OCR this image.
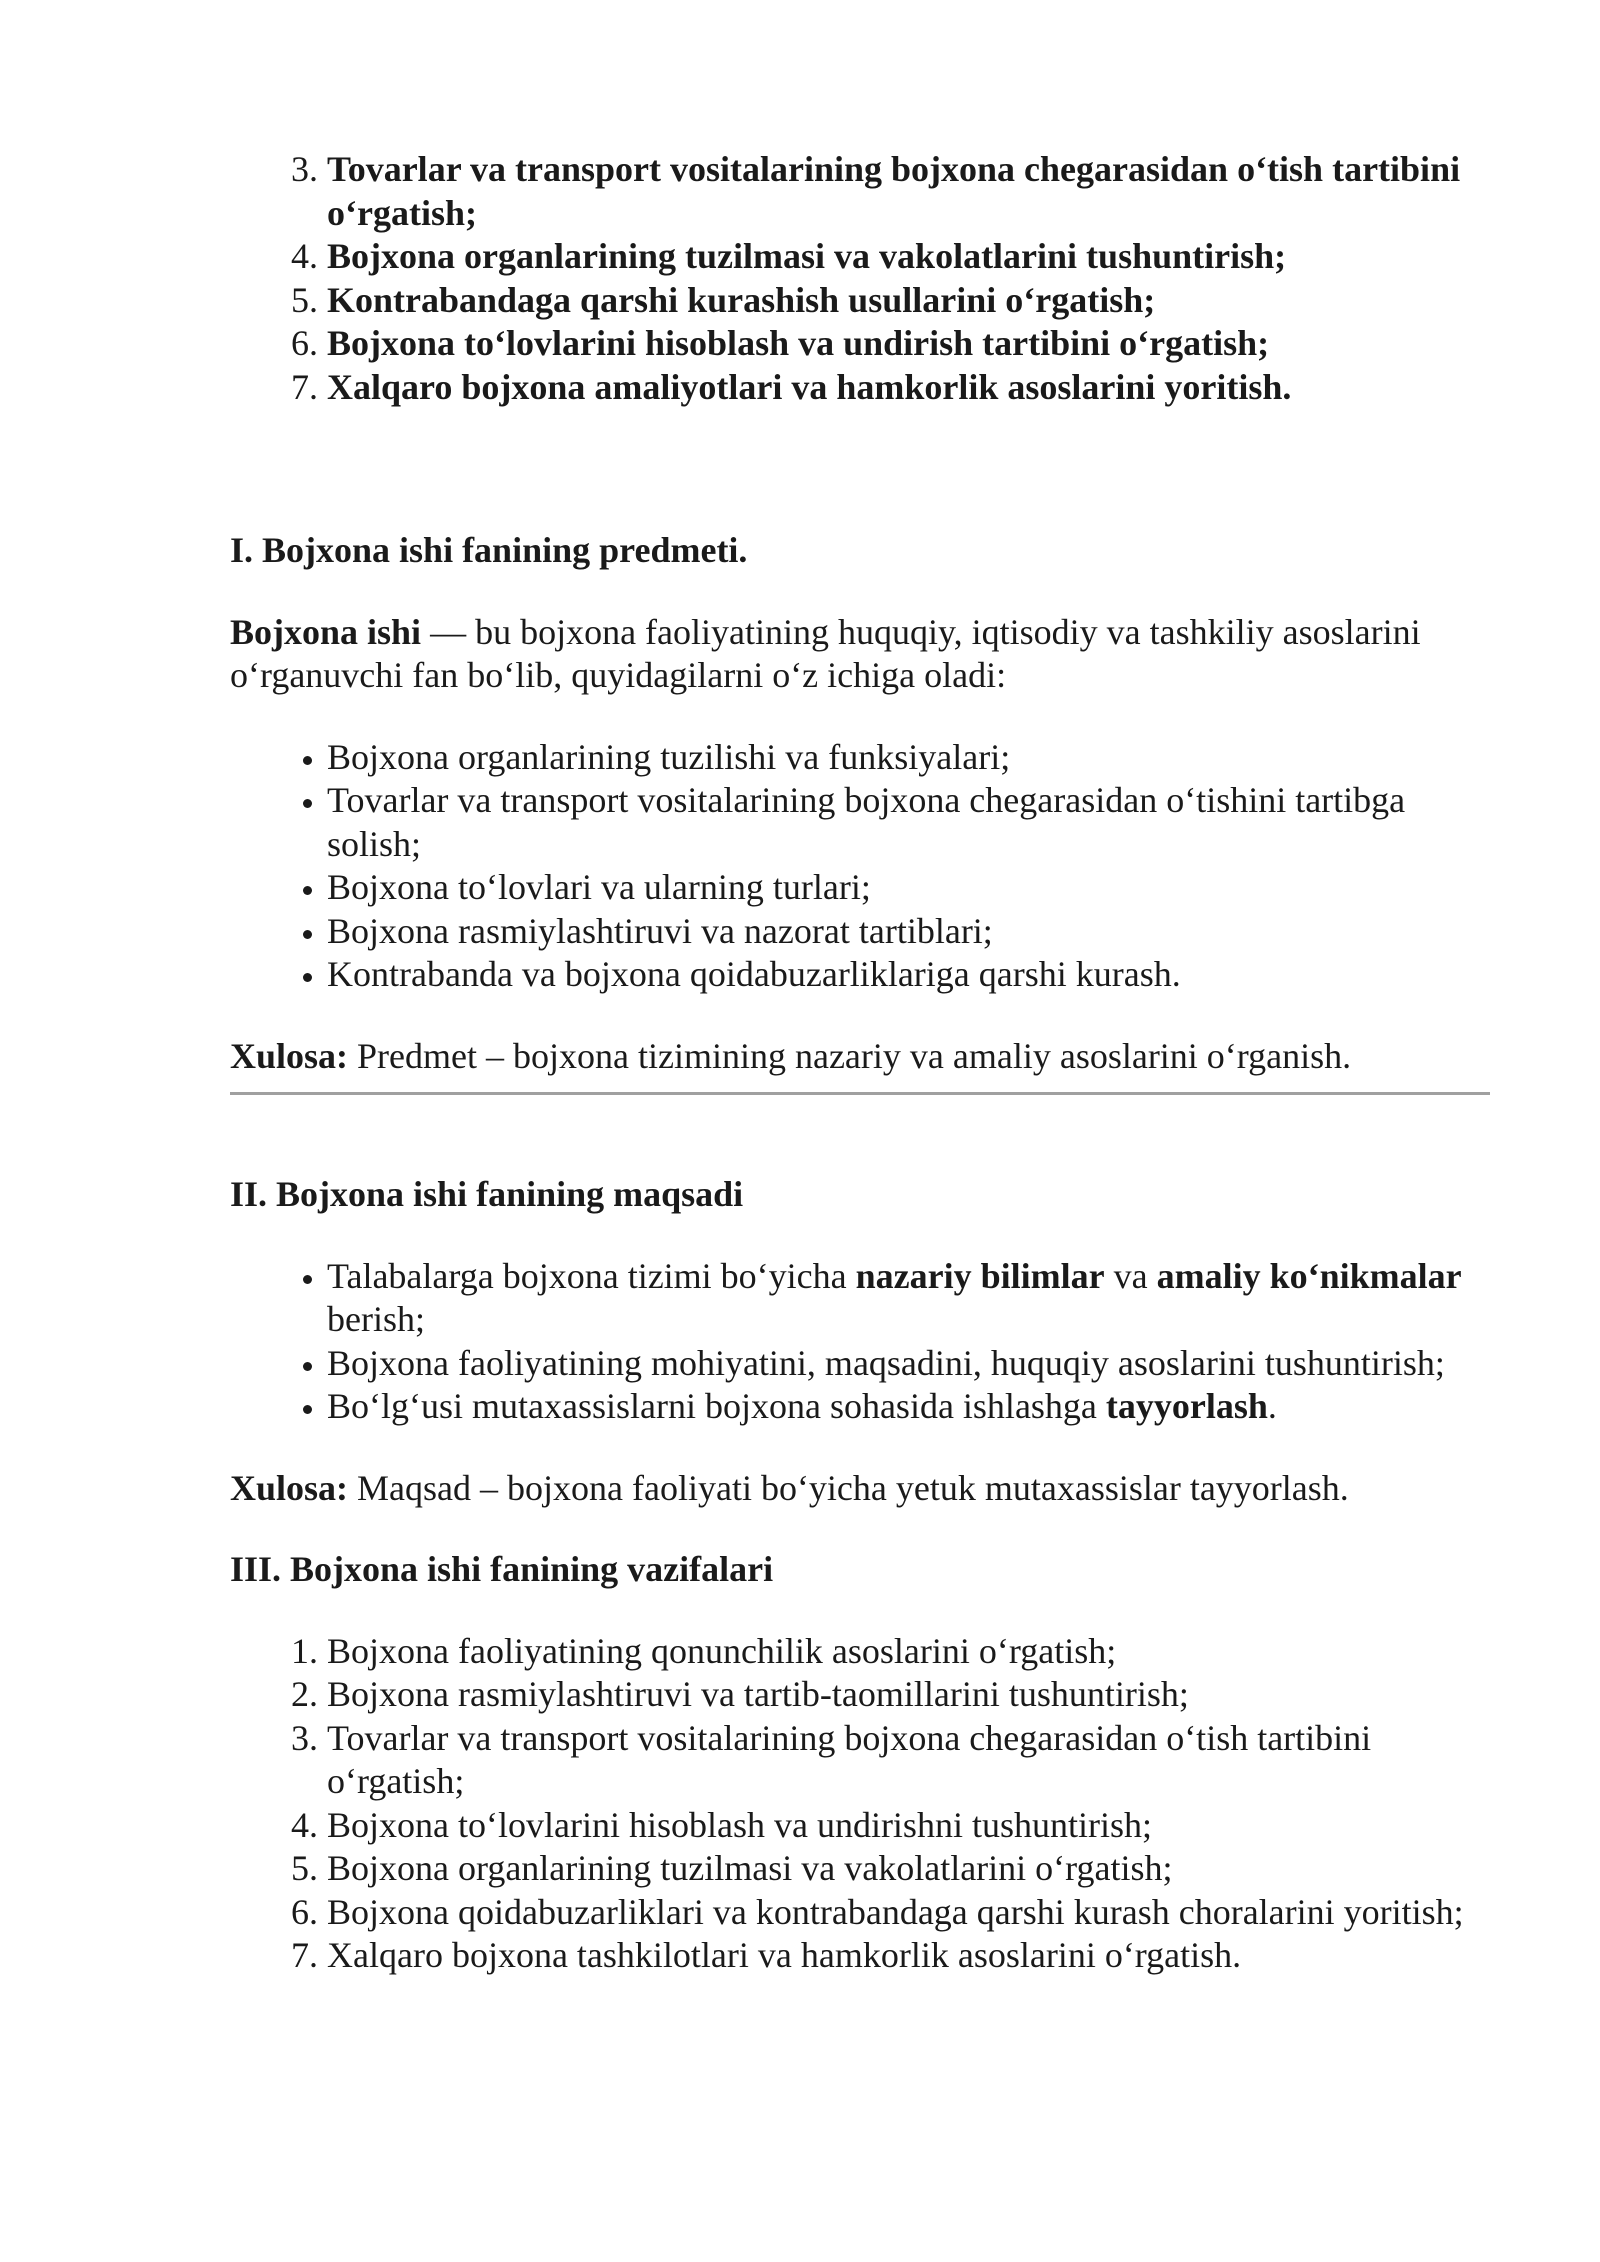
3. Tovarlar va transport vositalarining bojxona chegarasidan o‘tish tartibini o‘rgatish;
4. Bojxona organlarining tuzilmasi va vakolatlarini tushuntirish;
5. Kontrabandaga qarshi kurashish usullarini o‘rgatish;
6. Bojxona to‘lovlarini hisoblash va undirish tartibini o‘rgatish;
7. Xalqaro bojxona amaliyotlari va hamkorlik asoslarini yoritish.
I. Bojxona ishi fanining predmeti.

Bojxona ishi — bu bojxona faoliyatining huquqiy, iqtisodiy va tashkiliy asoslarini o‘rganuvchi fan bo‘lib, quyidagilarni o‘z ichiga oladi:

• Bojxona organlarining tuzilishi va funksiyalari;
• Tovarlar va transport vositalarining bojxona chegarasidan o‘tishini tartibga solish;
• Bojxona to‘lovlari va ularning turlari;
• Bojxona rasmiylashtiruvi va nazorat tartiblari;
• Kontrabanda va bojxona qoidabuzarliklariga qarshi kurash.

Xulosa: Predmet – bojxona tizimining nazariy va amaliy asoslarini o‘rganish.

II. Bojxona ishi fanining maqsadi
• Talabalarga bojxona tizimi bo‘yicha nazariy bilimlar va amaliy ko‘nikmalar berish;
• Bojxona faoliyatining mohiyatini, maqsadini, huquqiy asoslarini tushuntirish;
• Bo‘lg‘usi mutaxassislarni bojxona sohasida ishlashga tayyorlash.

Xulosa: Maqsad – bojxona faoliyati bo‘yicha yetuk mutaxassislar tayyorlash.

III. Bojxona ishi fanining vazifalari
1. Bojxona faoliyatining qonunchilik asoslarini o‘rgatish;
2. Bojxona rasmiylashtiruvi va tartib-taomillarini tushuntirish;
3. Tovarlar va transport vositalarining bojxona chegarasidan o‘tish tartibini o‘rgatish;
4. Bojxona to‘lovlarini hisoblash va undirishni tushuntirish;
5. Bojxona organlarining tuzilmasi va vakolatlarini o‘rgatish;
6. Bojxona qoidabuzarliklari va kontrabandaga qarshi kurash choralarini yoritish;
7. Xalqaro bojxona tashkilotlari va hamkorlik asoslarini o‘rgatish.
